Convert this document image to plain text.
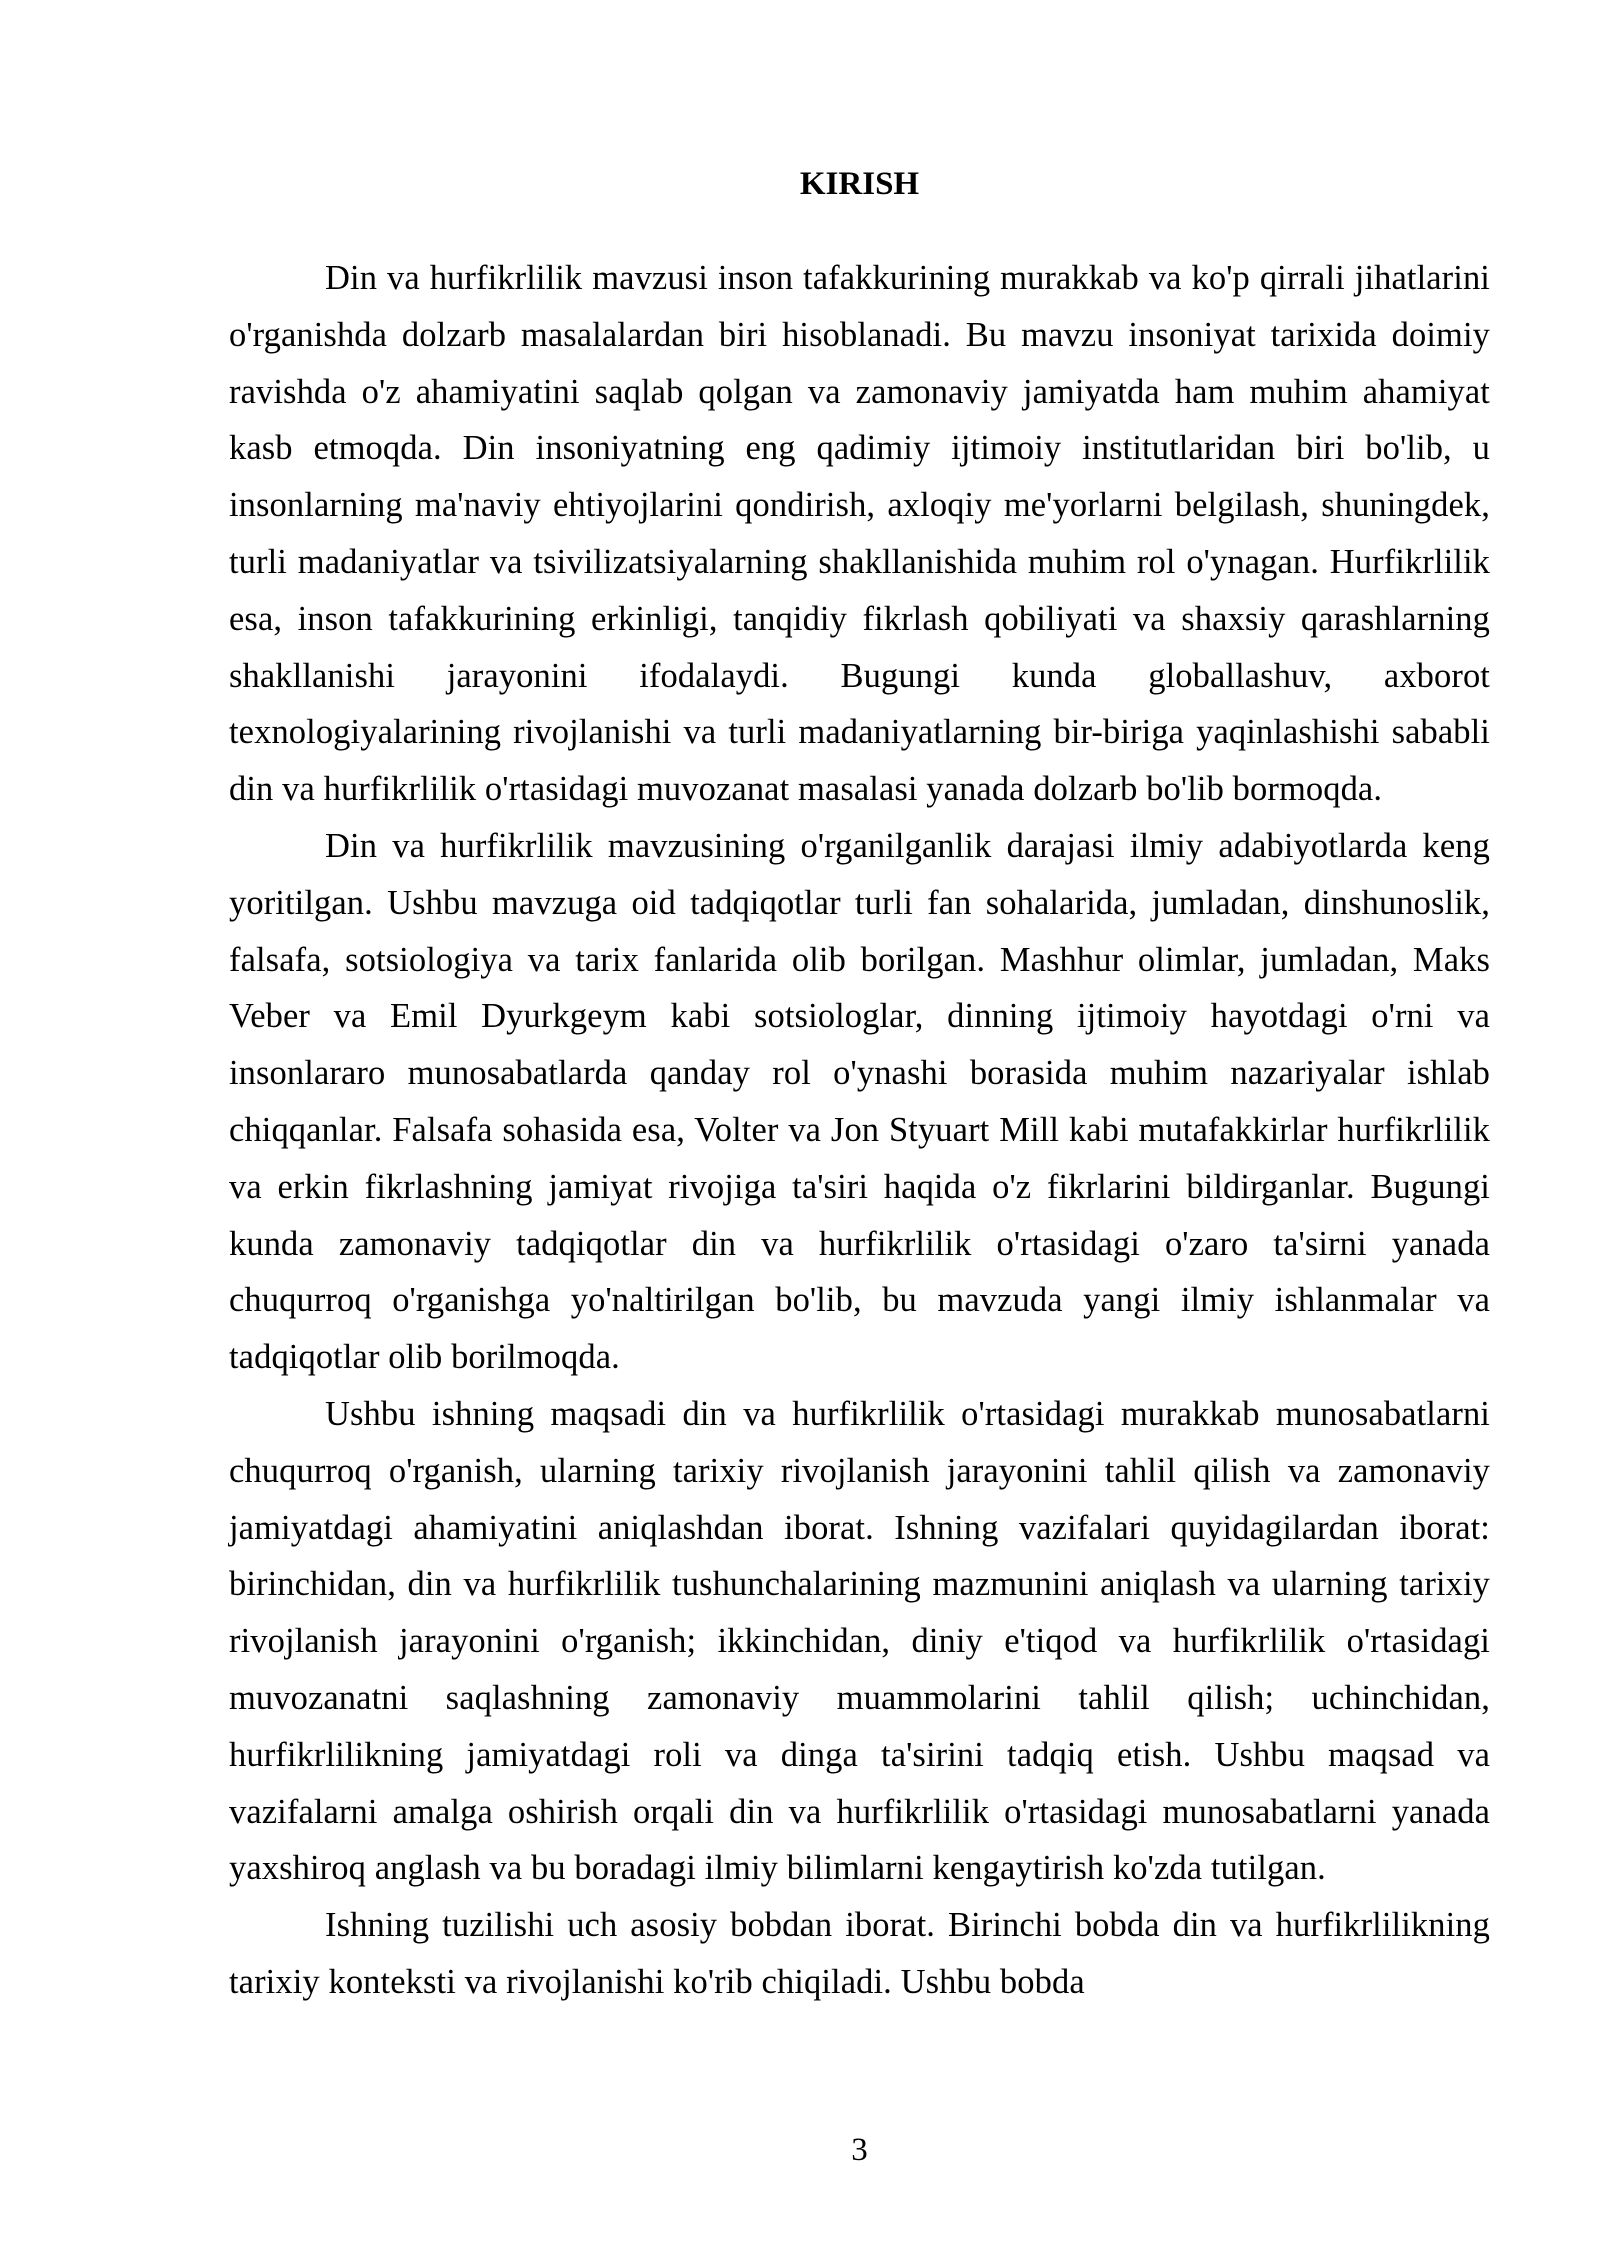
KIRISH

Din va hurfikrlilik mavzusi inson tafakkurining murakkab va ko'p qirrali jihatlarini o'rganishda dolzarb masalalardan biri hisoblanadi. Bu mavzu insoniyat tarixida doimiy ravishda o'z ahamiyatini saqlab qolgan va zamonaviy jamiyatda ham muhim ahamiyat kasb etmoqda. Din insoniyatning eng qadimiy ijtimoiy institutlaridan biri bo'lib, u insonlarning ma'naviy ehtiyojlarini qondirish, axloqiy me'yorlarni belgilash, shuningdek, turli madaniyatlar va tsivilizatsiyalarning shakllanishida muhim rol o'ynagan. Hurfikrlilik esa, inson tafakkurining erkinligi, tanqidiy fikrlash qobiliyati va shaxsiy qarashlarning shakllanishi jarayonini ifodalaydi. Bugungi kunda globallashuv, axborot texnologiyalarining rivojlanishi va turli madaniyatlarning bir-biriga yaqinlashishi sababli din va hurfikrlilik o'rtasidagi muvozanat masalasi yanada dolzarb bo'lib bormoqda.

Din va hurfikrlilik mavzusining o'rganilganlik darajasi ilmiy adabiyotlarda keng yoritilgan. Ushbu mavzuga oid tadqiqotlar turli fan sohalarida, jumladan, dinshunoslik, falsafa, sotsiologiya va tarix fanlarida olib borilgan. Mashhur olimlar, jumladan, Maks Veber va Emil Dyurkgeym kabi sotsiologlar, dinning ijtimoiy hayotdagi o'rni va insonlararo munosabatlarda qanday rol o'ynashi borasida muhim nazariyalar ishlab chiqqanlar. Falsafa sohasida esa, Volter va Jon Styuart Mill kabi mutafakkirlar hurfikrlilik va erkin fikrlashning jamiyat rivojiga ta'siri haqida o'z fikrlarini bildirganlar. Bugungi kunda zamonaviy tadqiqotlar din va hurfikrlilik o'rtasidagi o'zaro ta'sirni yanada chuqurroq o'rganishga yo'naltirilgan bo'lib, bu mavzuda yangi ilmiy ishlanmalar va tadqiqotlar olib borilmoqda.

Ushbu ishning maqsadi din va hurfikrlilik o'rtasidagi murakkab munosabatlarni chuqurroq o'rganish, ularning tarixiy rivojlanish jarayonini tahlil qilish va zamonaviy jamiyatdagi ahamiyatini aniqlashdan iborat. Ishning vazifalari quyidagilardan iborat: birinchidan, din va hurfikrlilik tushunchalarining mazmunini aniqlash va ularning tarixiy rivojlanish jarayonini o'rganish; ikkinchidan, diniy e'tiqod va hurfikrlilik o'rtasidagi muvozanatni saqlashning zamonaviy muammolarini tahlil qilish; uchinchidan, hurfikrlilikning jamiyatdagi roli va dinga ta'sirini tadqiq etish. Ushbu maqsad va vazifalarni amalga oshirish orqali din va hurfikrlilik o'rtasidagi munosabatlarni yanada yaxshiroq anglash va bu boradagi ilmiy bilimlarni kengaytirish ko'zda tutilgan.

Ishning tuzilishi uch asosiy bobdan iborat. Birinchi bobda din va hurfikrlilikning tarixiy konteksti va rivojlanishi ko'rib chiqiladi. Ushbu bobda

3
